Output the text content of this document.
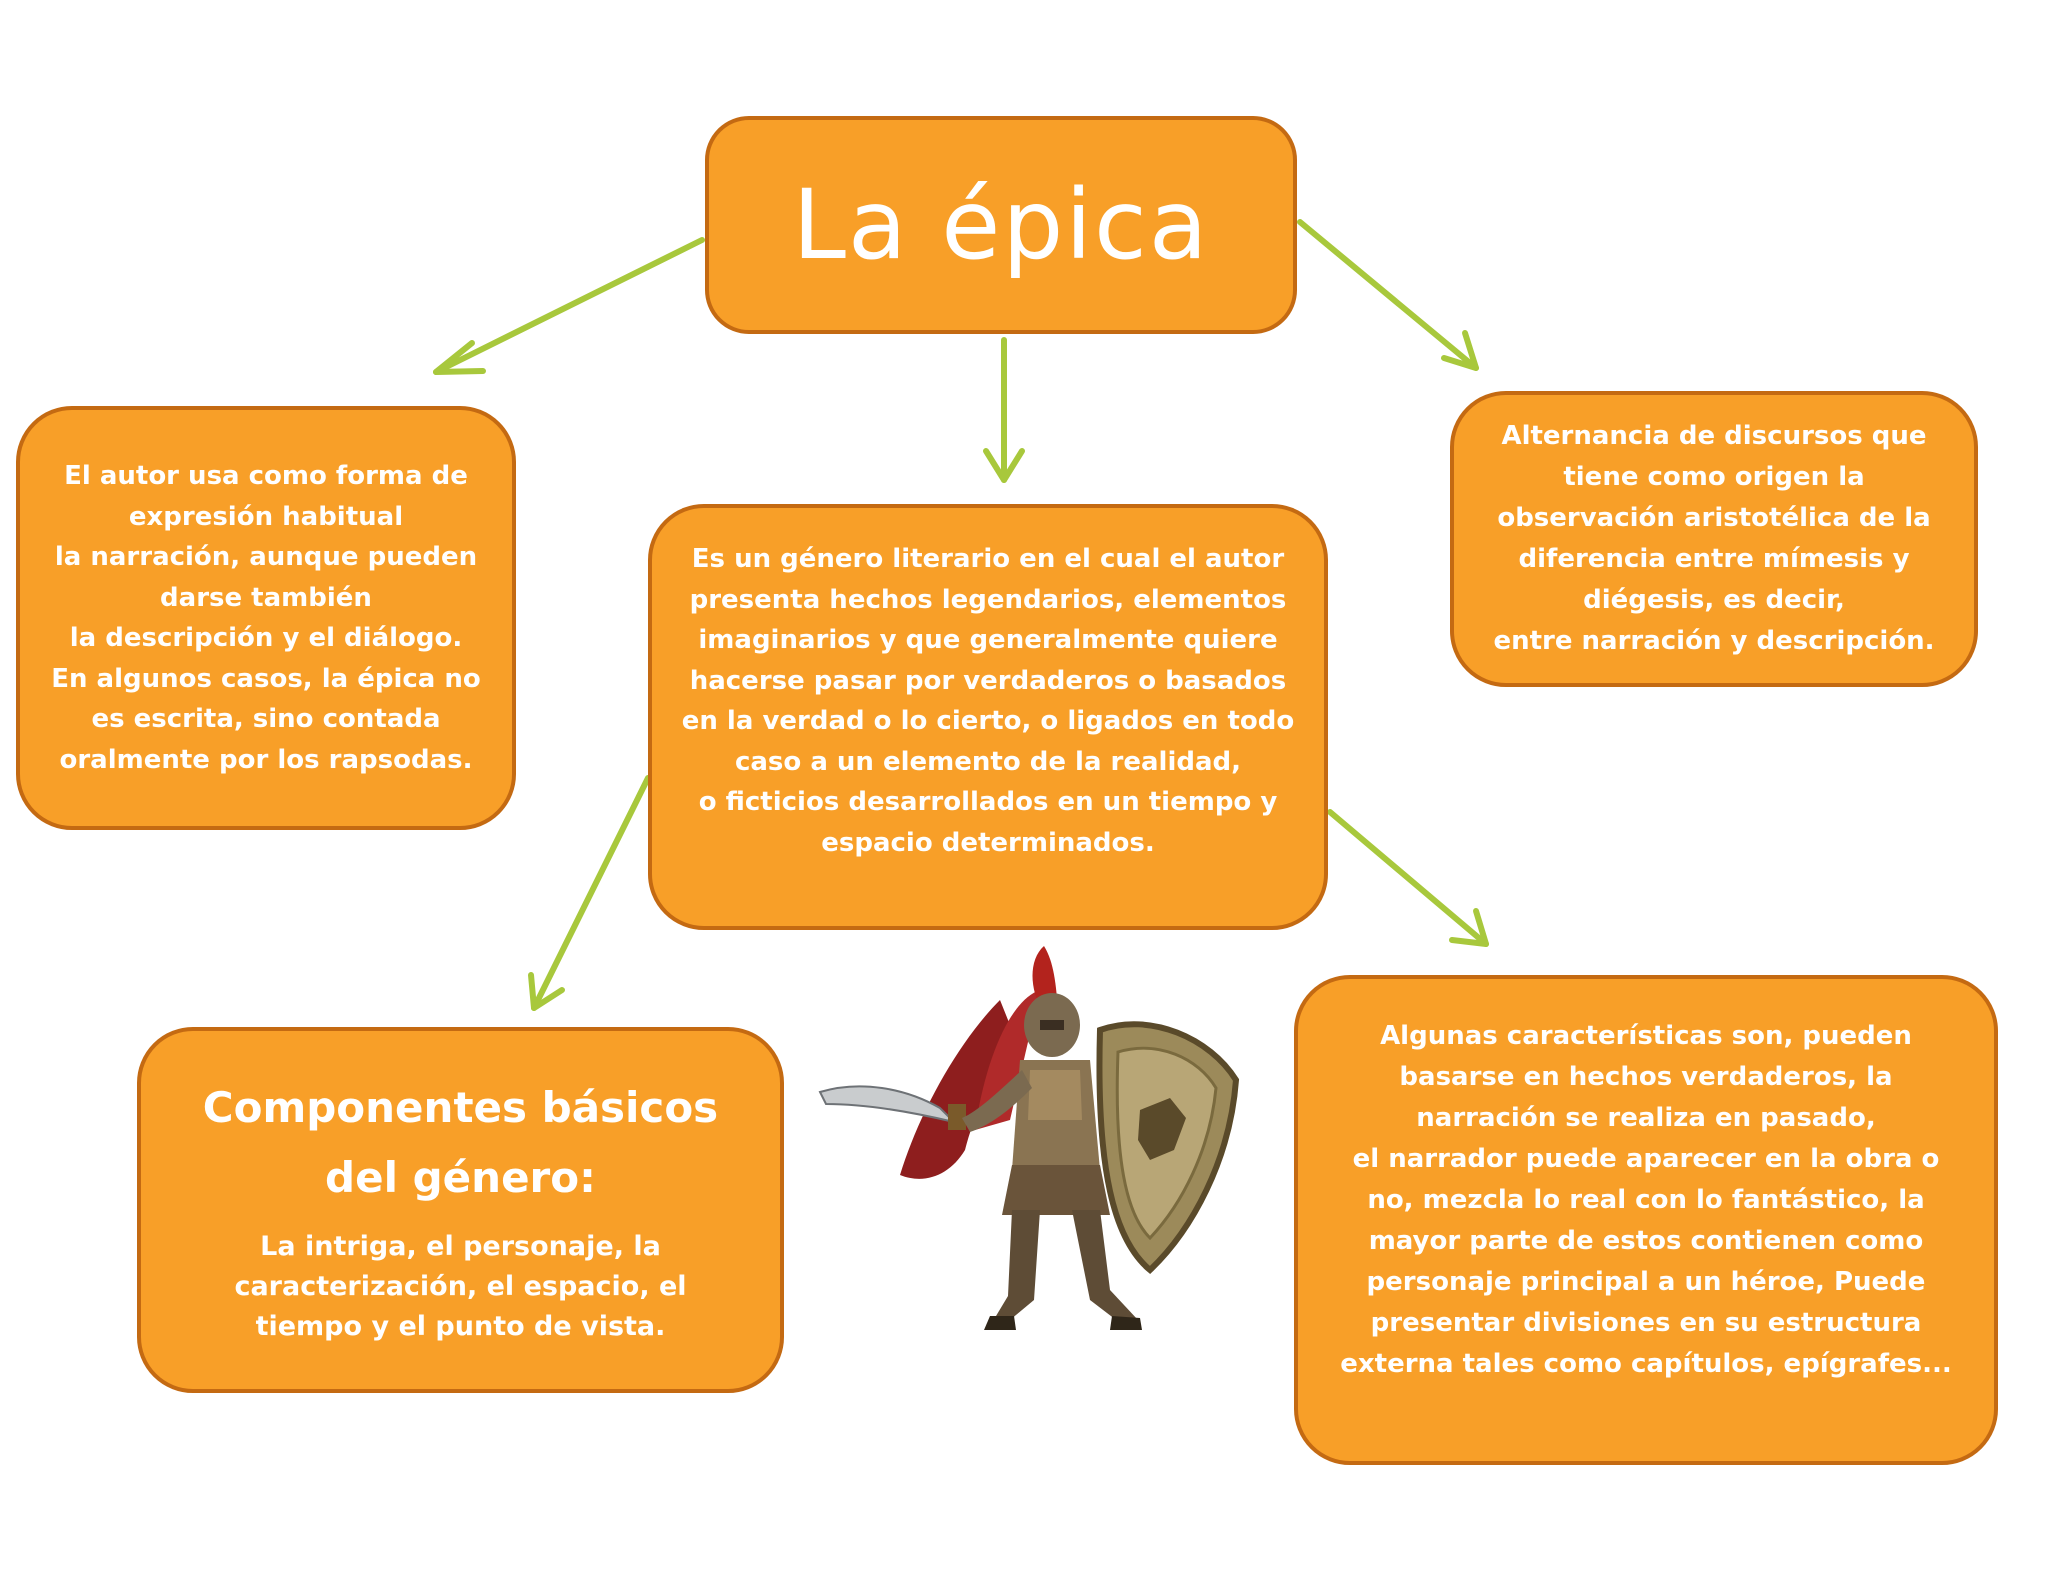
La épica
El autor usa como forma de
expresión habitual
la narración, aunque pueden
darse también
la descripción y el diálogo.
En algunos casos, la épica no
es escrita, sino contada
oralmente por los rapsodas.
Es un género literario en el cual el autor
presenta hechos legendarios, elementos
imaginarios y que generalmente quiere
hacerse pasar por verdaderos o basados
en la verdad o lo cierto, o ligados en todo
caso a un elemento de la realidad,
o ficticios desarrollados en un tiempo y
espacio determinados.
Alternancia de discursos que
tiene como origen la
observación aristotélica de la
diferencia entre mímesis y
diégesis, es decir,
entre narración y descripción.
Componentes básicos
del género:
La intriga, el personaje, la
caracterización, el espacio, el
tiempo y el punto de vista.
Algunas características son, pueden
basarse en hechos verdaderos, la
narración se realiza en pasado,
el narrador puede aparecer en la obra o
no, mezcla lo real con lo fantástico, la
mayor parte de estos contienen como
personaje principal a un héroe, Puede
presentar divisiones en su estructura
externa tales como capítulos, epígrafes...
